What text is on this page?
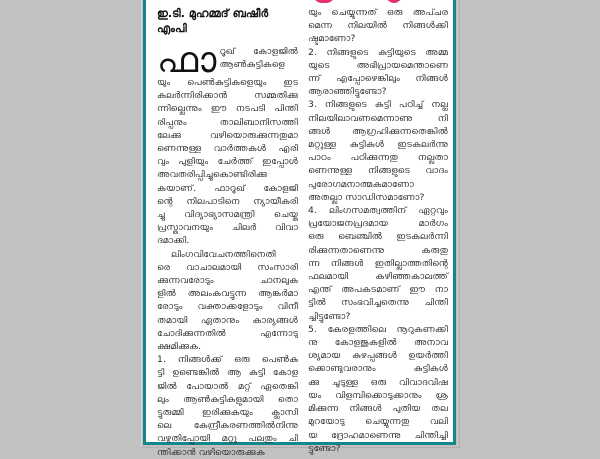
ഇ.ടി. മുഹമ്മദ് ബഷീർ എംപി
ഫാ റൂഖ് കോളജിൽ
ആൺകുട്ടികളെ
യും പെൺകുട്ടികളെയും ഇട
കലർന്നിരിക്കാൻ സമ്മതിക്കു
ന്നില്ലെന്നും ഈ നടപടി പിന്തി
രിപ്പനും താലിബാനിസത്തി
ലേക്കു വഴിയൊരുക്കുന്നതുമാ
ണെന്നുള്ള വാർത്തകൾ എരി
വും പുളിയും ചേർത്ത് ഇപ്പോൾ
അവതരിപ്പിച്ചുകൊണ്ടിരിക്കു
കയാണ്. ഫാറൂഖ് കോളജി
ന്റെ നിലപാടിനെ ന്യായീകരി
ച്ചു വിദ്യാഭ്യാസമന്ത്രി ചെയ്ത
പ്രസ്താവനയും ചിലർ വിവാ
ദമാക്കി.
ലിംഗവിവേചനത്തിനെതി
രെ വാചാലമായി സംസാരി
ക്കുന്നവരോടും ചാനലുക
ളിൽ അലംകവട്ടുന്ന ആങ്കർമാ
രോടും വക്താക്കളോടും വിനീ
തമായി ഏതാനും കാര്യങ്ങൾ
ചോദിക്കുന്നതിൽ എന്നോടു
ക്ഷമിക്കുക.
1. നിങ്ങൾക്ക് ഒരു പെൺകു
ട്ടി ഉണ്ടെങ്കിൽ ആ കുട്ടി കോള
ജിൽ പോയാൽ മറ്റ് ഏതെങ്കി
ലും ആൺകുട്ടികളുമായി തൊ
ട്ടുരുമ്മി ഇരിക്കുകയും ക്ലാസി
ലെ കേന്ദ്രീകരണത്തിൽനിന്നു
വഴുതിപ്പോയി മറ്റു പലതും ചി
ന്തിക്കാൻ വഴിയൊരുക്കുക
യും ചെയ്യുന്നത് ഒരു അപ്ചര
മെന്ന നിലയിൽ നിങ്ങൾക്കി
ഷ്ടമാണോ?
2. നിങ്ങളുടെ കുട്ടിയുടെ അമ്മ
യുടെ അഭിപ്രായമെന്താണെ
ന്ന് എപ്പോഴെങ്കിലും നിങ്ങൾ
ആരാഞ്ഞിട്ടുണ്ടോ?
3. നിങ്ങളുടെ കുട്ടി പഠിച്ച് നല്ല
നിലയിലാവണമെന്നാണു നി
ങ്ങൾ ആഗ്രഹിക്കുന്നതെങ്കിൽ
മറ്റുള്ള കുട്ടികൾ ഇടകലർന്നു
പാഠം പഠിക്കുന്നതു നല്ലതാ
ണെന്നുള്ള നിങ്ങളുടെ വാദം
പുരോഗമനാത്മകമാണോ
അതല്ലാ സാഡിസമാണോ?
4. ലിംഗസമത്വത്തിന് ഏറ്റവും
പ്രയോജനപ്രദമായ മാർഗം
ഒരു ബെഞ്ചിൽ ഇടകലർന്നി
രിക്കുന്നതാണെന്നു കരുതു
ന്ന നിങ്ങൾ ഇതില്ലാത്തതിന്റെ
ഫലമായി കഴിഞ്ഞകാലത്ത്
എന്ത് അപകടമാണ് ഈ നാ
ട്ടിൽ സംഭവിച്ചതെന്നു ചിന്തി
ച്ചിട്ടുണ്ടോ?
5. കേരളത്തിലെ നൂറുകണക്കി
നു കോളജുകളിൽ അനാവ
ശ്യമായ കുഴപ്പങ്ങൾ ഉയർത്തി
ക്കൊണ്ടുവരാനും കുട്ടികൾ
ക്കു ചൂടുള്ള ഒരു വിവാദവിഷ
യം വിളമ്പിക്കൊടുക്കാനും ശ്ര
മിക്കുന്ന നിങ്ങൾ പുതിയ തല
മുറയോടു ചെയ്യുന്നതു വലി
യ ദ്രോഹമാണെന്നു ചിന്തിച്ചി
ട്ടുണ്ടോ?
